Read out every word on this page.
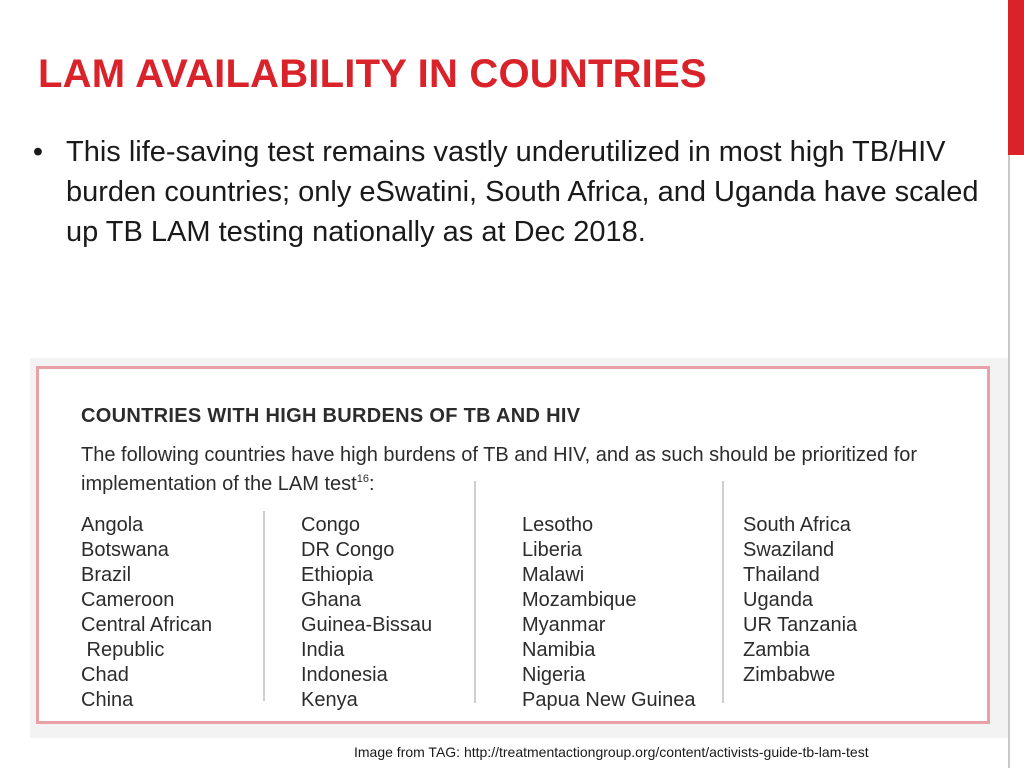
LAM AVAILABILITY IN COUNTRIES
• This life-saving test remains vastly underutilized in most high TB/HIV burden countries; only eSwatini, South Africa, and Uganda have scaled up TB LAM testing nationally as at Dec 2018.
COUNTRIES WITH HIGH BURDENS OF TB AND HIV

The following countries have high burdens of TB and HIV, and as such should be prioritized for implementation of the LAM test$^{16}$:

Angola
Botswana
Brazil
Cameroon
Central African
Republic
Chad
China
Congo
DR Congo
Ethiopia
Ghana
Guinea-Bissau
India
Indonesia
Kenya
Lesotho
Liberia
Malawi
Mozambique
Myanmar
Namibia
Nigeria
Papua New Guinea
South Africa
Swaziland
Thailand
Uganda
UR Tanzania
Zambia
Zimbabwe

Image from TAG: http://treatmentactiongroup.org/content/activists-guide-tb-lam-test
